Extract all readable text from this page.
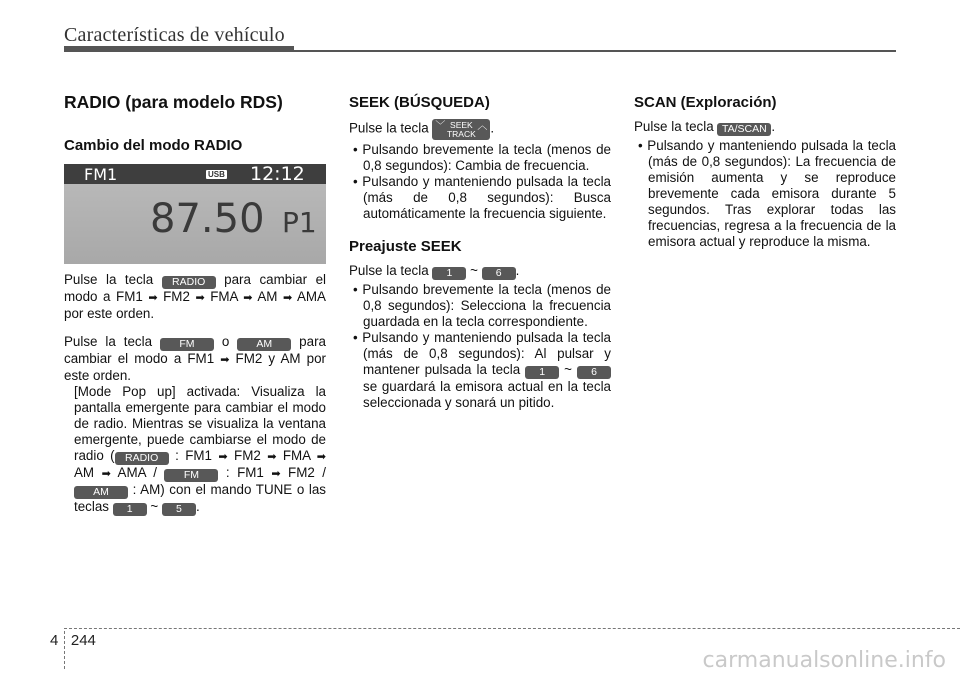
Características de vehículo
RADIO (para modelo RDS)
Cambio del modo RADIO
FM1	USB 12:12
87.50 P1

Pulse la tecla RADIO para cambiar el modo a FM1 ➡ FM2 ➡ FMA ➡ AM ➡ AMA por este orden.

Pulse la tecla FM o AM para cambiar el modo a FM1 ➡ FM2 y AM por este orden.

[Mode Pop up] activada: Visualiza la pantalla emergente para cambiar el modo de radio. Mientras se visualiza la ventana emergente, puede cambiarse el modo de radio ( RADIO : FM1 ➡ FM2 ➡ FMA ➡ AM ➡ AMA / FM : FM1 ➡ FM2 / AM : AM) con el mando TUNE o las teclas 1 ~ 5 .

SEEK (BÚSQUEDA)

Pulse la tecla ﹀ SEEK
TRACK
︿ .

• Pulsando brevemente la tecla (menos de 0,8 segundos): Cambia de frecuencia.

• Pulsando y manteniendo pulsada la tecla (más de 0,8 segundos): Busca automáticamente la frecuencia siguiente.

Preajuste SEEK

Pulse la tecla 1 ~ 6 .

• Pulsando brevemente la tecla (menos de 0,8 segundos): Selecciona la frecuencia guardada en la tecla correspondiente.

• Pulsando y manteniendo pulsada la tecla (más de 0,8 segundos): Al pulsar y mantener pulsada la tecla 1 ~ 6 se guardará la emisora actual en la tecla seleccionada y sonará un pitido.

SCAN (Exploración)

Pulse la tecla TA/SCAN .

• Pulsando y manteniendo pulsada la tecla (más de 0,8 segundos): La frecuencia de emisión aumenta y se reproduce brevemente cada emisora durante 5 segundos. Tras explorar todas las frecuencias, regresa a la frecuencia de la emisora actual y reproduce la misma.

4 244
carmanualsonline.info
